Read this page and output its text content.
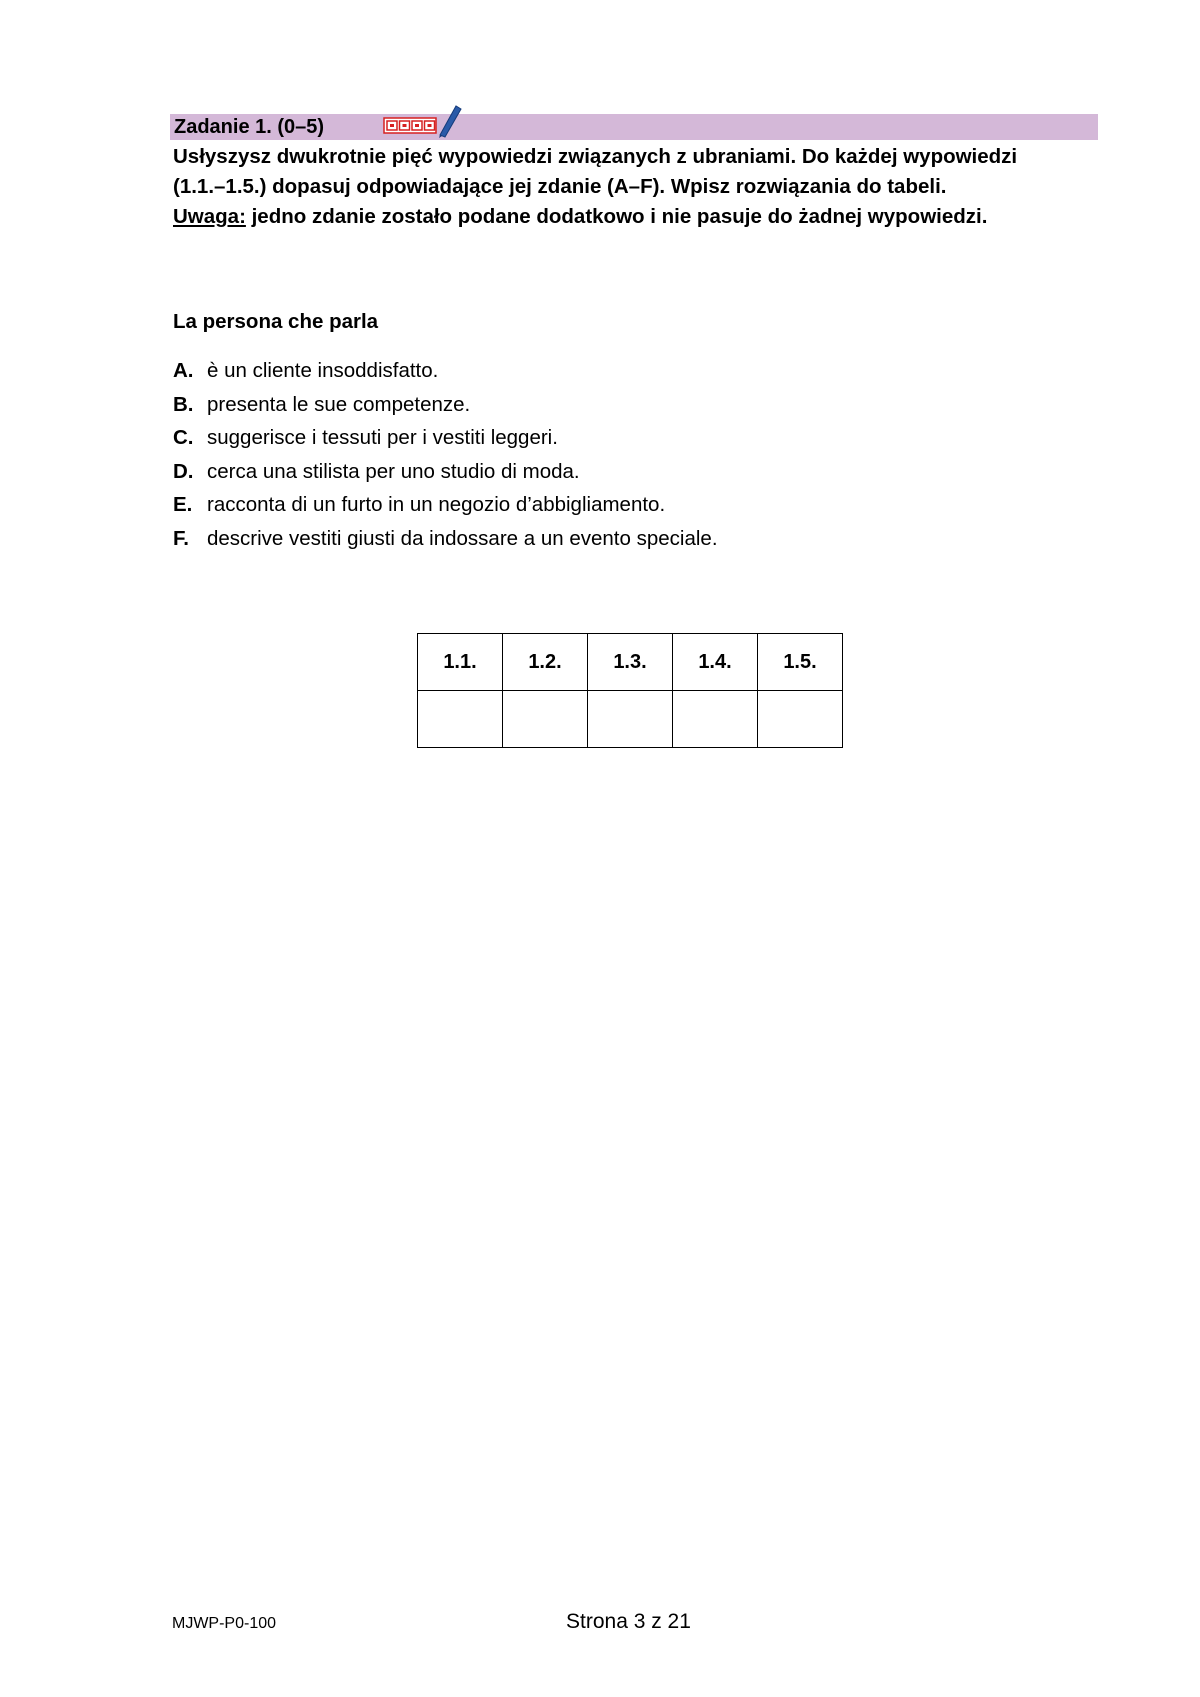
Zadanie 1. (0–5)
Usłyszysz dwukrotnie pięć wypowiedzi związanych z ubraniami. Do każdej wypowiedzi
(1.1.–1.5.) dopasuj odpowiadające jej zdanie (A–F). Wpisz rozwiązania do tabeli.
Uwaga: jedno zdanie zostało podane dodatkowo i nie pasuje do żadnej wypowiedzi.
La persona che parla
A. è un cliente insoddisfatto.
B. presenta le sue competenze.
C. suggerisce i tessuti per i vestiti leggeri.
D. cerca una stilista per uno studio di moda.
E. racconta di un furto in un negozio d’abbigliamento.
F. descrive vestiti giusti da indossare a un evento speciale.
1.1.	1.2.	1.3.	1.4.	1.5.

MJWP-P0-100	Strona 3 z 21
